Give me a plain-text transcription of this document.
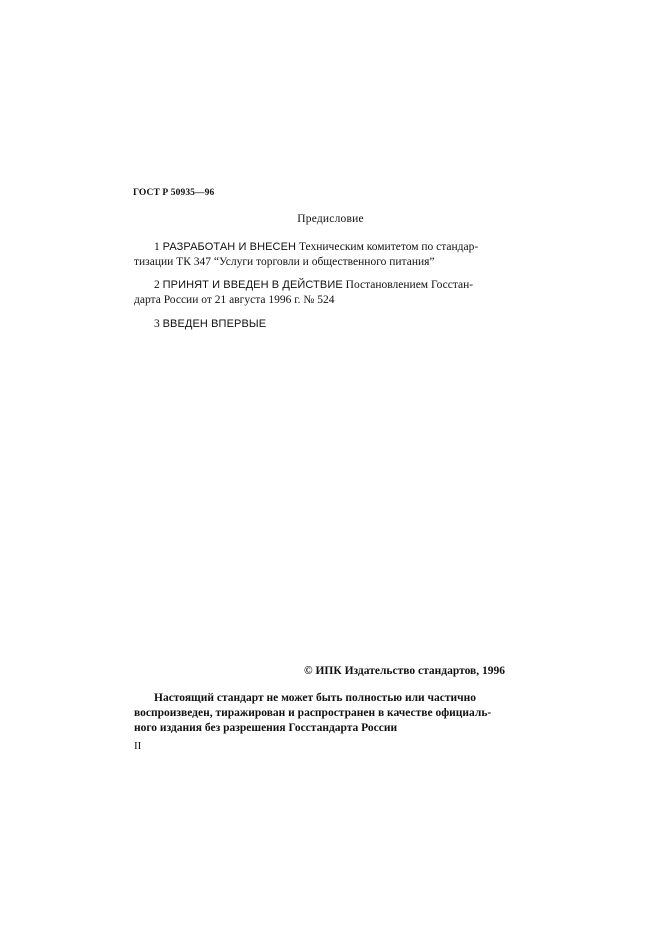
ГОСТ Р 50935—96
Предисловие
1 РАЗРАБОТАН И ВНЕСЕН Техническим комитетом по стандар-
тизации ТК 347 “Услуги торговли и общественного питания”
2 ПРИНЯТ И ВВЕДЕН В ДЕЙСТВИЕ Постановлением Госстан-
дарта России от 21 августа 1996 г. № 524
3 ВВЕДЕН ВПЕРВЫЕ
© ИПК Издательство стандартов, 1996
Настоящий стандарт не может быть полностью или частично
воспроизведен, тиражирован и распространен в качестве официаль-
ного издания без разрешения Госстандарта России
II
